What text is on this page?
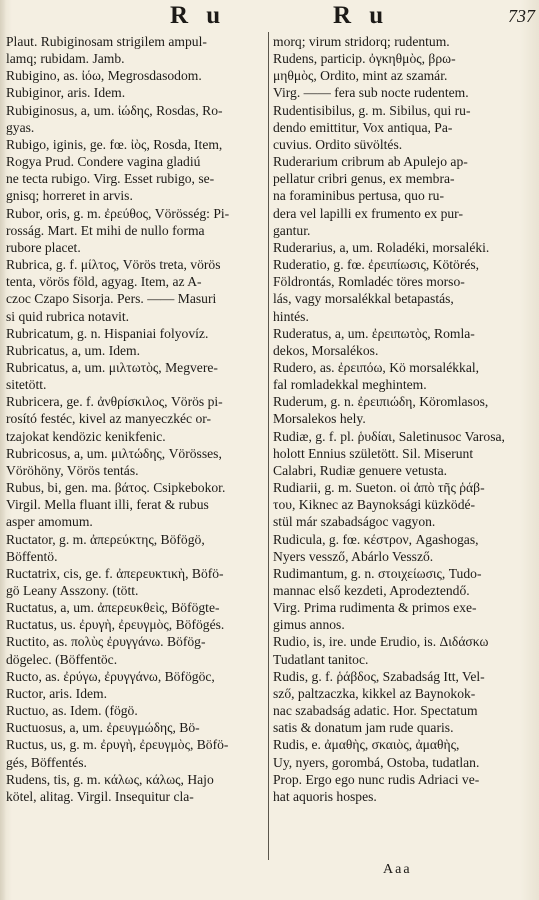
R u	R u	737
Plaut. Rubiginosam strigilem ampul-
lamq; rubidam. Jamb.
Rubigino, as. ἰόω, Megrosdasodom.
Rubiginor, aris. Idem.
Rubiginosus, a, um. ἰώδης, Rosdas, Ro-
gyas.
Rubigo, iginis, ge. fœ. ἰὸς, Rosda, Item,
Rogya Prud. Condere vagina gladiú
ne tecta rubigo. Virg. Esset rubigo, se-
gnisq; horreret in arvis.
Rubor, oris, g. m. ἐρεύθος, Vörösség: Pi-
rosság. Mart. Et mihi de nullo forma
rubore placet.
Rubrica, g. f. μίλτος, Vörös treta, vörös
tenta, vörös föld, agyag. Item, az A-
czoc Czapo Sisorja. Pers. —— Masuri
si quid rubrica notavit.
Rubricatum, g. n. Hispaniai folyovíz.
Rubricatus, a, um. Idem.
Rubricatus, a, um. μιλτωτὸς, Megvere-
sitetött.
Rubricera, ge. f. ἀνθρίσκιλος, Vörös pi-
rosító festéc, kivel az manyeczkéc or-
tzajokat kendözic kenikfenic.
Rubricosus, a, um. μιλτώδης, Vörösses,
Vöröhöny, Vörös tentás.
Rubus, bi, gen. ma. βάτος. Csipkebokor.
Virgil. Mella fluant illi, ferat & rubus
asper amomum.
Ructator, g. m. ἀπερεύκτης, Böfögö,
Böffentö.
Ructatrix, cis, ge. f. ἀπερευκτικὴ, Böfö-
gö Leany Asszony. (tött.
Ructatus, a, um. ἀπερευκθεὶς, Böfögte-
Ructatus, us. ἐρυγὴ, ἐρευγμὸς, Böfögés.
Ructito, as. πολὺς ἐρυγγάνω. Böfög-
dögelec. (Böffentöc.
Ructo, as. ἐρύγω, ἐρυγγάνω, Böfögöc,
Ructor, aris. Idem.
Ructuo, as. Idem. (fögö.
Ructuosus, a, um. ἐρευγμώδης, Bö-
Ructus, us, g. m. ἐρυγὴ, ἐρευγμὸς, Böfö-
gés, Böffentés.
Rudens, tis, g. m. κάλως, κάλως, Hajo
kötel, alitag. Virgil. Insequitur cla-
morq; virum stridorq; rudentum.
Rudens, particip. ὀγκηθμὸς, βρω-
μηθμὸς, Ordito, mint az szamár.
Virg. —— fera sub nocte rudentem.
Rudentisibilus, g. m. Sibilus, qui ru-
dendo emittitur, Vox antiqua, Pa-
cuvius. Ordito süvöltés.
Ruderarium cribrum ab Apulejo ap-
pellatur cribri genus, ex membra-
na foraminibus pertusa, quo ru-
dera vel lapilli ex frumento ex pur-
gantur.
Ruderarius, a, um. Roladéki, morsaléki.
Ruderatio, g. fœ. ἐρειπίωσις, Kötörés,
Földrontás, Romladéc töres morso-
lás, vagy morsalékkal betapastás,
hintés.
Ruderatus, a, um. ἐρειπωτὸς, Romla-
dekos, Morsalékos.
Rudero, as. ἐρειπόω, Kö morsalékkal,
fal romladekkal meghintem.
Ruderum, g. n. ἐρειπιώδη, Köromlasos,
Morsalekos hely.
Rudiæ, g. f. pl. ῥυδίαι, Saletinusoc Varosa,
holott Ennius születött. Sil. Miserunt
Calabri, Rudiæ genuere vetusta.
Rudiarii, g. m. Sueton. οἱ ἀπὸ τῆς ῥάβ-
του, Kiknec az Baynoksági küzködé-
stül már szabadságoc vagyon.
Rudicula, g. fœ. κέστρον, Agashogas,
Nyers vessző, Abárlo Vessző.
Rudimantum, g. n. στοιχείωσις, Tudo-
mannac első kezdeti, Aprodeztendő.
Virg. Prima rudimenta & primos exe-
gimus annos.
Rudio, is, ire. unde Erudio, is. Διδάσκω
Tudatlant tanitoc.
Rudis, g. f. ῥάβδος, Szabadság Itt, Vel-
sző, paltzaczka, kikkel az Baynokok-
nac szabadság adatic. Hor. Spectatum
satis & donatum jam rude quaris.
Rudis, e. ἀμαθὴς, σκαιὸς, ἀμαθὴς,
Uy, nyers, gorombá, Ostoba, tudatlan.
Prop. Ergo ego nunc rudis Adriaci ve-
hat aquoris hospes.
Aaa
